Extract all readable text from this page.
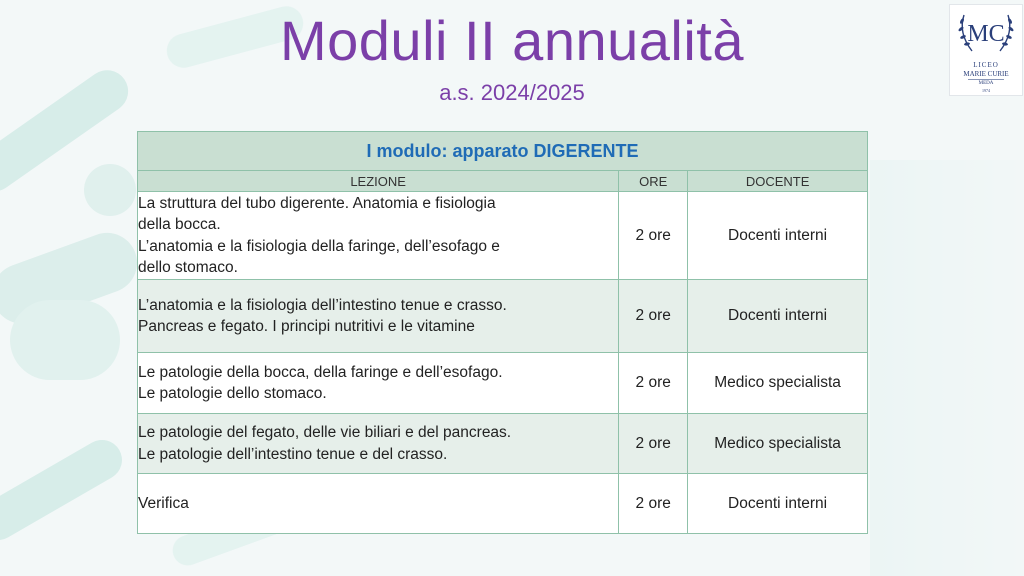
Moduli II annualità
a.s. 2024/2025
MC
LICEO
MARIE CURIE
MEDA
1974
I modulo: apparato DIGERENTE		
LEZIONE	ORE	DOCENTE

La struttura del tubo digerente. Anatomia e fisiologia
della bocca.
L’anatomia e la fisiologia della faringe, dell’esofago e
dello stomaco.	2 ore	Docenti interni

L’anatomia e la fisiologia dell’intestino tenue e crasso.
Pancreas e fegato. I principi nutritivi e le vitamine	2 ore	Docenti interni

Le patologie della bocca, della faringe e dell’esofago.
Le patologie dello stomaco.	2 ore	Medico specialista

Le patologie del fegato, delle vie biliari e del pancreas.
Le patologie dell’intestino tenue e del crasso.	2 ore	Medico specialista

Verifica	2 ore	Docenti interni
